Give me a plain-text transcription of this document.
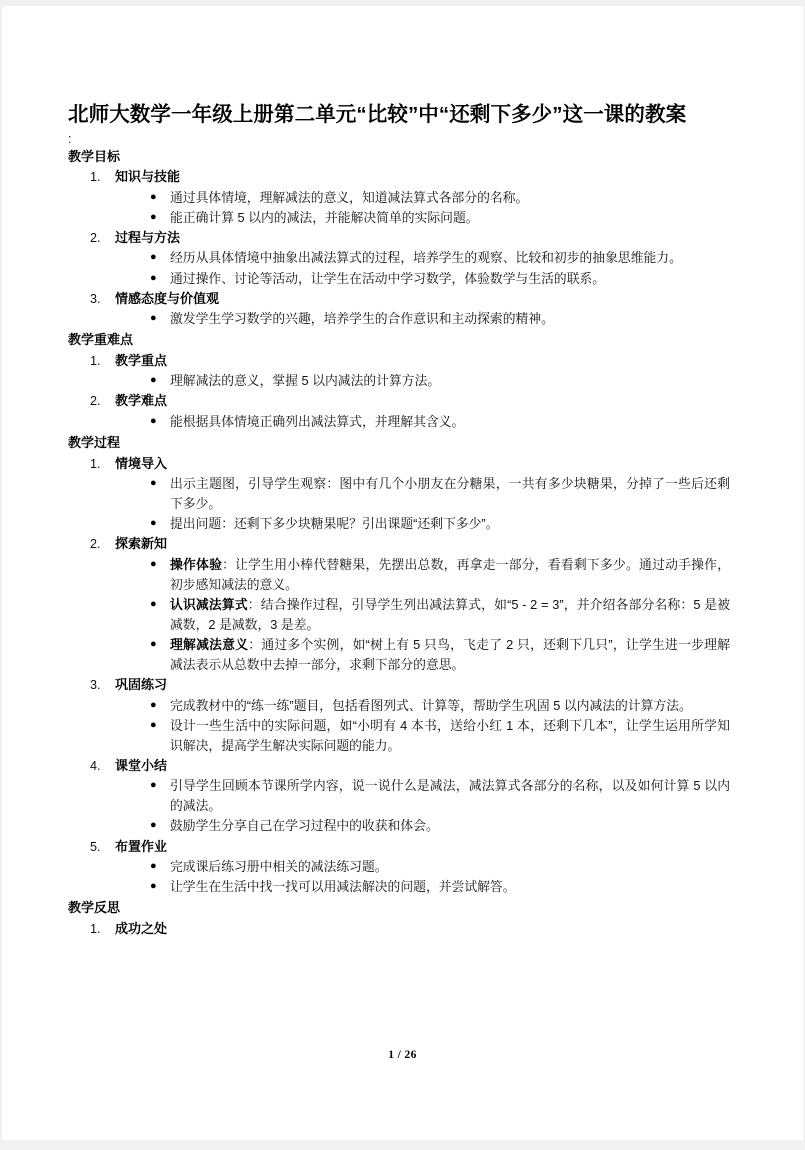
北师大数学一年级上册第二单元“比较”中“还剩下多少”这一课的教案
:
教学目标
1.	知识与技能
● 通过具体情境，理解减法的意义，知道减法算式各部分的名称。
● 能正确计算 5 以内的减法，并能解决简单的实际问题。
2.	过程与方法
● 经历从具体情境中抽象出减法算式的过程，培养学生的观察、比较和初步的抽象思维能力。
● 通过操作、讨论等活动，让学生在活动中学习数学，体验数学与生活的联系。
3.	情感态度与价值观
● 激发学生学习数学的兴趣，培养学生的合作意识和主动探索的精神。
教学重难点
1.	教学重点
● 理解减法的意义，掌握 5 以内减法的计算方法。
2.	教学难点
● 能根据具体情境正确列出减法算式，并理解其含义。
教学过程
1.	情境导入
● 出示主题图，引导学生观察：图中有几个小朋友在分糖果，一共有多少块糖果，分掉了一些后还剩下多少。
● 提出问题：还剩下多少块糖果呢？引出课题“还剩下多少”。
2.	探索新知
● 操作体验：让学生用小棒代替糖果，先摆出总数，再拿走一部分，看看剩下多少。通过动手操作，初步感知减法的意义。
● 认识减法算式：结合操作过程，引导学生列出减法算式，如“5 - 2 = 3”，并介绍各部分名称：5 是被减数，2 是减数，3 是差。
● 理解减法意义：通过多个实例，如“树上有 5 只鸟，飞走了 2 只，还剩下几只”，让学生进一步理解减法表示从总数中去掉一部分，求剩下部分的意思。
3.	巩固练习
● 完成教材中的“练一练”题目，包括看图列式、计算等，帮助学生巩固 5 以内减法的计算方法。
● 设计一些生活中的实际问题，如“小明有 4 本书，送给小红 1 本，还剩下几本”，让学生运用所学知识解决，提高学生解决实际问题的能力。
4.	课堂小结
● 引导学生回顾本节课所学内容，说一说什么是减法，减法算式各部分的名称，以及如何计算 5 以内的减法。
● 鼓励学生分享自己在学习过程中的收获和体会。
5.	布置作业
● 完成课后练习册中相关的减法练习题。
● 让学生在生活中找一找可以用减法解决的问题，并尝试解答。
教学反思
1.	成功之处
1 / 26
